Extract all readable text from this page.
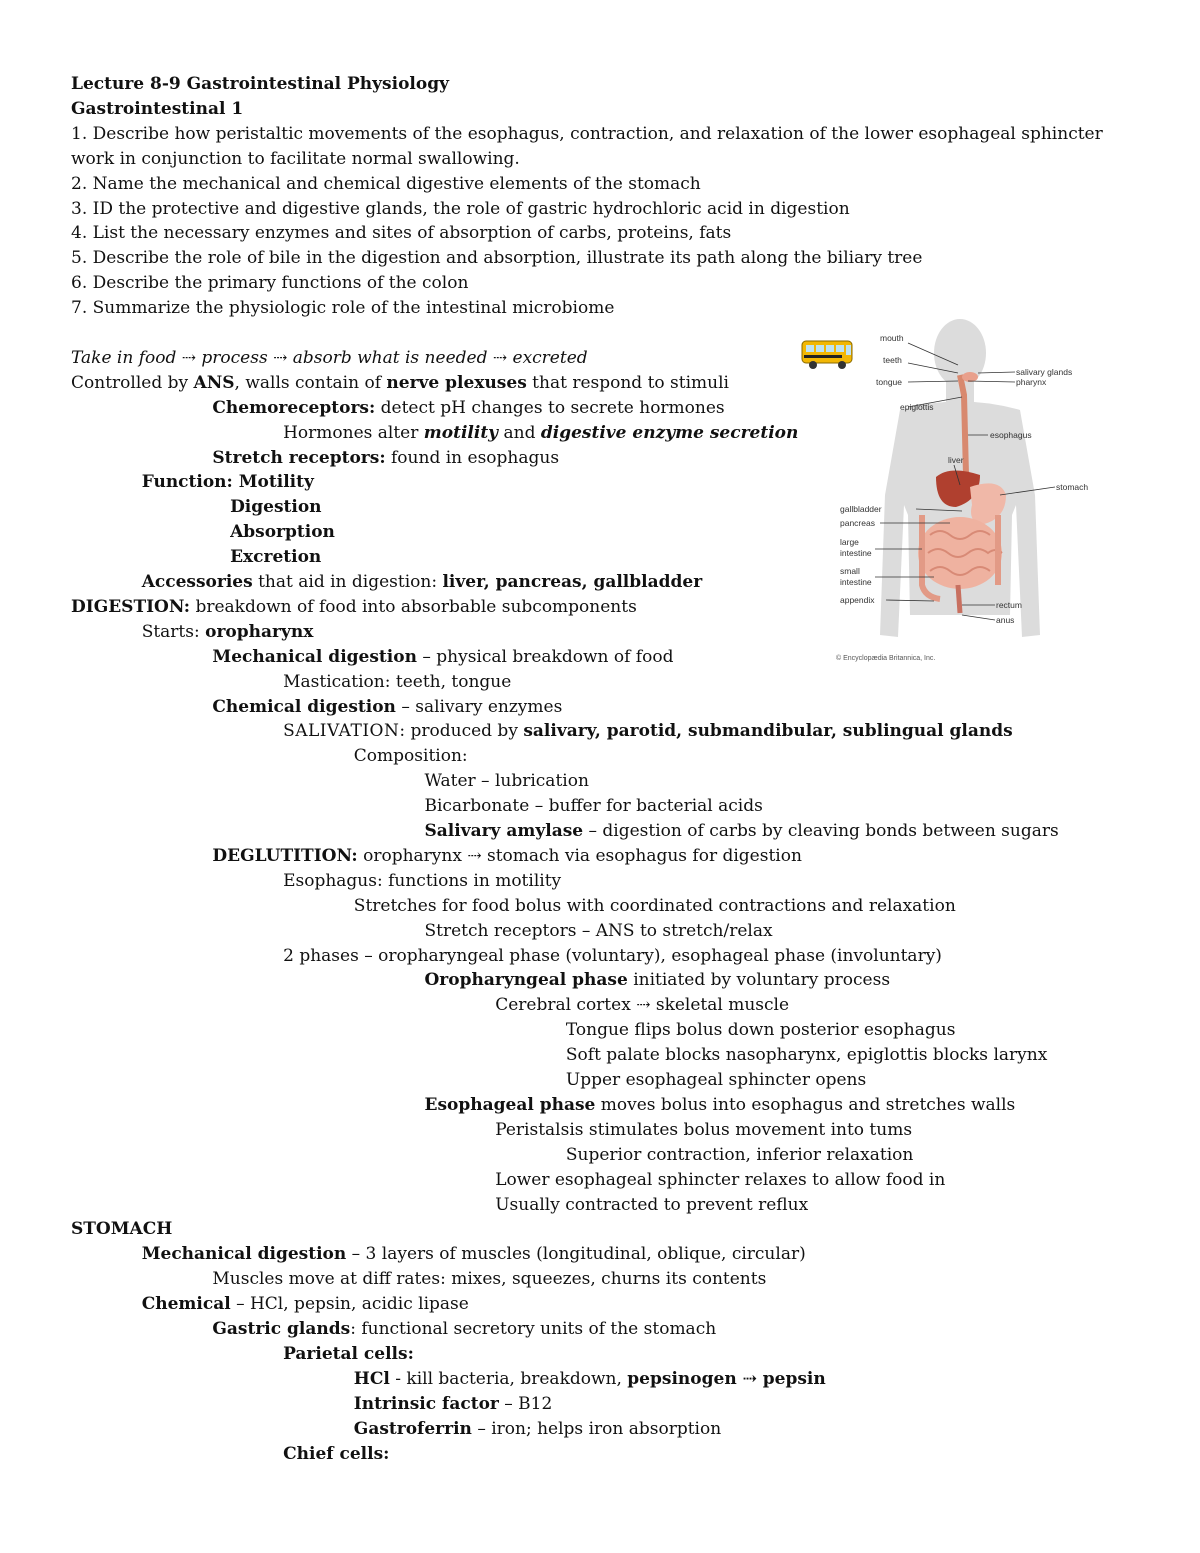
Lecture 8-9 Gastrointestinal Physiology
Gastrointestinal 1
1. Describe how peristaltic movements of the esophagus, contraction, and relaxation of the lower esophageal sphincter
work in conjunction to facilitate normal swallowing.
2. Name the mechanical and chemical digestive elements of the stomach
3. ID the protective and digestive glands, the role of gastric hydrochloric acid in digestion
4. List the necessary enzymes and sites of absorption of carbs, proteins, fats
5. Describe the role of bile in the digestion and absorption, illustrate its path along the biliary tree
6. Describe the primary functions of the colon
7. Summarize the physiologic role of the intestinal microbiome
Take in food ⇢ process ⇢ absorb what is needed ⇢ excreted
Controlled by ANS, walls contain of nerve plexuses that respond to stimuli
Chemoreceptors: detect pH changes to secrete hormones
Hormones alter motility and digestive enzyme secretion
Stretch receptors: found in esophagus
Function: Motility
Digestion
Absorption
Excretion
Accessories that aid in digestion: liver, pancreas, gallbladder
DIGESTION: breakdown of food into absorbable subcomponents
Starts: oropharynx
Mechanical digestion – physical breakdown of food
Mastication: teeth, tongue
Chemical digestion – salivary enzymes
SALIVATION: produced by salivary, parotid, submandibular, sublingual glands
Composition:
Water – lubrication
Bicarbonate – buffer for bacterial acids
Salivary amylase – digestion of carbs by cleaving bonds between sugars
DEGLUTITION: oropharynx ⇢ stomach via esophagus for digestion
Esophagus: functions in motility
Stretches for food bolus with coordinated contractions and relaxation
Stretch receptors – ANS to stretch/relax
2 phases – oropharyngeal phase (voluntary), esophageal phase (involuntary)
Oropharyngeal phase initiated by voluntary process
Cerebral cortex ⇢ skeletal muscle
Tongue flips bolus down posterior esophagus
Soft palate blocks nasopharynx, epiglottis blocks larynx
Upper esophageal sphincter opens
Esophageal phase moves bolus into esophagus and stretches walls
Peristalsis stimulates bolus movement into tums
Superior contraction, inferior relaxation
Lower esophageal sphincter relaxes to allow food in
Usually contracted to prevent reflux
STOMACH
Mechanical digestion – 3 layers of muscles (longitudinal, oblique, circular)
Muscles move at diff rates: mixes, squeezes, churns its contents
Chemical – HCl, pepsin, acidic lipase
Gastric glands: functional secretory units of the stomach
Parietal cells:
HCl - kill bacteria, breakdown, pepsinogen ⇢ pepsin
Intrinsic factor – B12
Gastroferrin – iron; helps iron absorption
Chief cells:
mouth
teeth
tongue
epiglottis
liver
gallbladder
pancreas
large
intestine
small
intestine
appendix
salivary glands
pharynx
esophagus
stomach
rectum
anus
© Encyclopædia Britannica, Inc.
